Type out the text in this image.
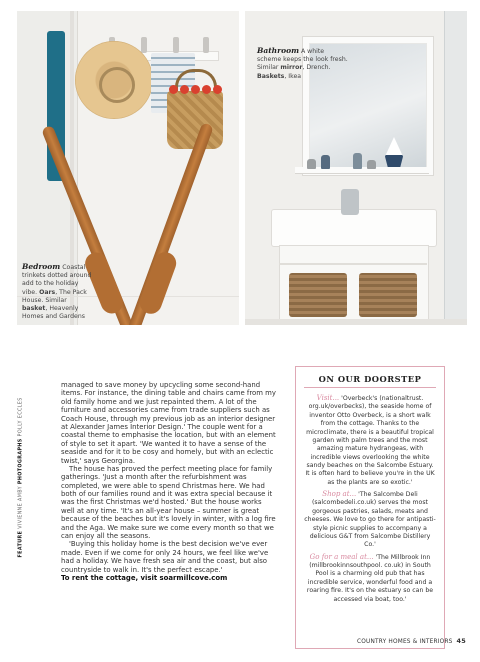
Bedroom Coastal trinkets dotted around add to the holiday vibe. Oars, The Pack House. Similar basket, Heavenly Homes and Gardens
Bathroom A white scheme keeps the look fresh. Similar mirror, Drench. Baskets, Ikea
FEATURE VIVIENNE AMBY PHOTOGRAPHS POLLY ECCLES

managed to save money by upcycling some second-hand items. For instance, the dining table and chairs came from my old family home and we just repainted them. A lot of the furniture and accessories came from trade suppliers such as Coach House, through my previous job as an interior designer at Alexander James Interior Design.' The couple went for a coastal theme to emphasise the location, but with an element of style to set it apart. 'We wanted it to have a sense of the seaside and for it to be cosy and homely, but with an eclectic twist,' says Georgina.

The house has proved the perfect meeting place for family gatherings. 'Just a month after the refurbishment was completed, we were able to spend Christmas here. We had both of our families round and it was extra special because it was the first Christmas we'd hosted.' But the house works well at any time. 'It's an all-year house – summer is great because of the beaches but it's lovely in winter, with a log fire and the Aga. We make sure we come every month so that we can enjoy all the seasons.

'Buying this holiday home is the best decision we've ever made. Even if we come for only 24 hours, we feel like we've had a holiday. We have fresh sea air and the coast, but also countryside to walk in. It's the perfect escape.'

To rent the cottage, visit soarmillcove.com

ON OUR DOORSTEP

Visit... 'Overbeck's (nationaltrust. org.uk/overbecks), the seaside home of inventor Otto Overbeck, is a short walk from the cottage. Thanks to the microclimate, there is a beautiful tropical garden with palm trees and the most amazing mature hydrangeas, with incredible views overlooking the white sandy beaches on the Salcombe Estuary. It is often hard to believe you're in the UK as the plants are so exotic.'

Shop at... 'The Salcombe Deli (salcombedeli.co.uk) serves the most gorgeous pastries, salads, meats and cheeses. We love to go there for antipasti-style picnic supplies to accompany a delicious G&T from Salcombe Distillery Co.'

Go for a meal at... 'The Millbrook Inn (millbrookinnsouthpool. co.uk) in South Pool is a charming old pub that has incredible service, wonderful food and a roaring fire. It's on the estuary so can be accessed via boat, too.'

COUNTRY HOMES & INTERIORS 45
